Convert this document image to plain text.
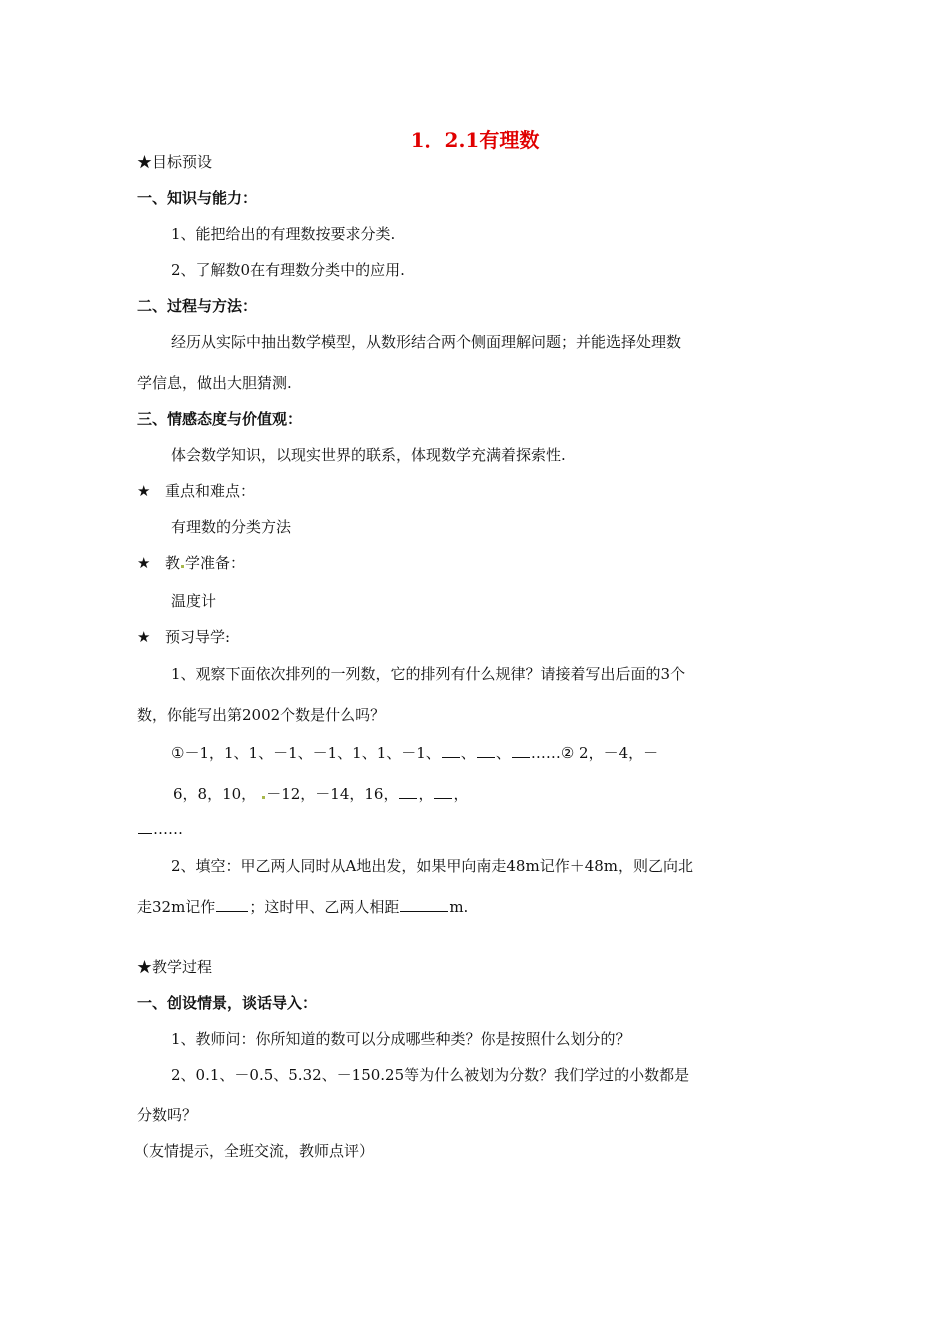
1．2.1有理数
★目标预设
一、知识与能力：
1、能把给出的有理数按要求分类.
2、了解数0在有理数分类中的应用.
二、过程与方法：
经历从实际中抽出数学模型，从数形结合两个侧面理解问题；并能选择处理数
学信息，做出大胆猜测.
三、情感态度与价值观：
体会数学知识，以现实世界的联系，体现数学充满着探索性.
★ 重点和难点：
有理数的分类方法
★ 教 学准备：
温度计
★ 预习导学:
1、观察下面依次排列的一列数，它的排列有什么规律？请接着写出后面的3个
数，你能写出第2002个数是什么吗？
①－1，1、1、－1、－1、1、1、－1、 、 、 ……② 2，－4，－
6，8，10， －12，－14，16， ， ，
……
2、填空：甲乙两人同时从A地出发，如果甲向南走48m记作＋48m，则乙向北
走32m记作 ；这时甲、乙两人相距	m.
★教学过程
一、创设情景，谈话导入：
1、教师问：你所知道的数可以分成哪些种类？你是按照什么划分的？
2、0.1、－0.5、5.32、－150.25等为什么被划为分数？我们学过的小数都是
分数吗？
（友情提示，全班交流，教师点评）
